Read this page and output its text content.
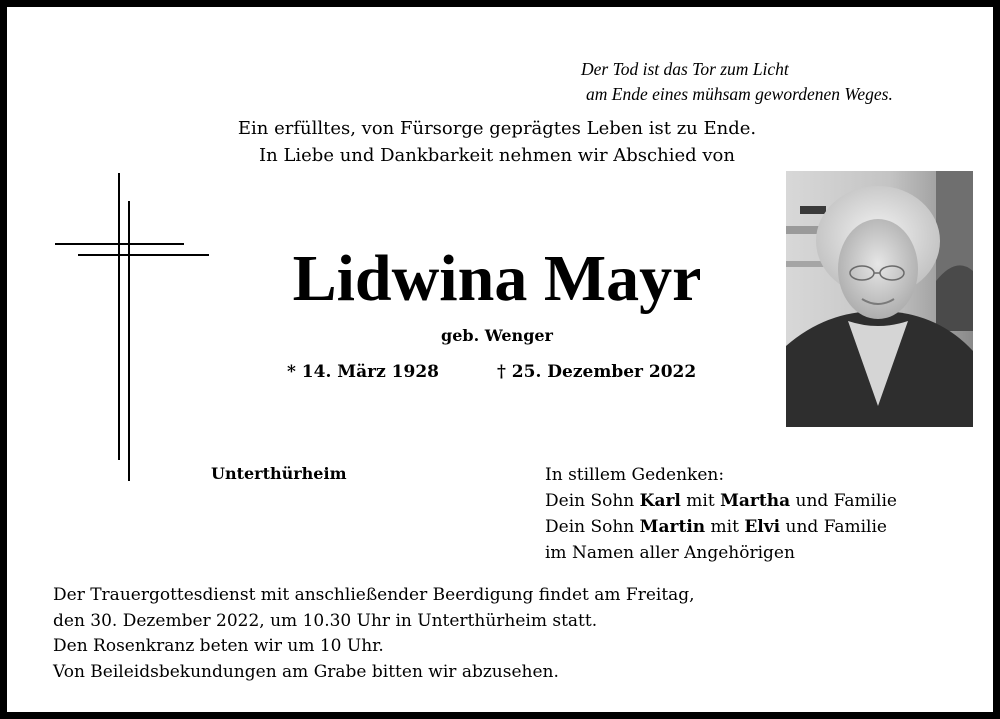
Der Tod ist das Tor zum Licht
am Ende eines mühsam gewordenen Weges.
Ein erfülltes, von Fürsorge geprägtes Leben ist zu Ende.
In Liebe und Dankbarkeit nehmen wir Abschied von
Lidwina Mayr
geb. Wenger
* 14. März 1928	† 25. Dezember 2022
Unterthürheim	In stillem Gedenken:
Dein Sohn Karl mit Martha und Familie
Dein Sohn Martin mit Elvi und Familie
im Namen aller Angehörigen
Der Trauergottesdienst mit anschließender Beerdigung findet am Freitag,
den 30. Dezember 2022, um 10.30 Uhr in Unterthürheim statt.
Den Rosenkranz beten wir um 10 Uhr.
Von Beileidsbekundungen am Grabe bitten wir abzusehen.
